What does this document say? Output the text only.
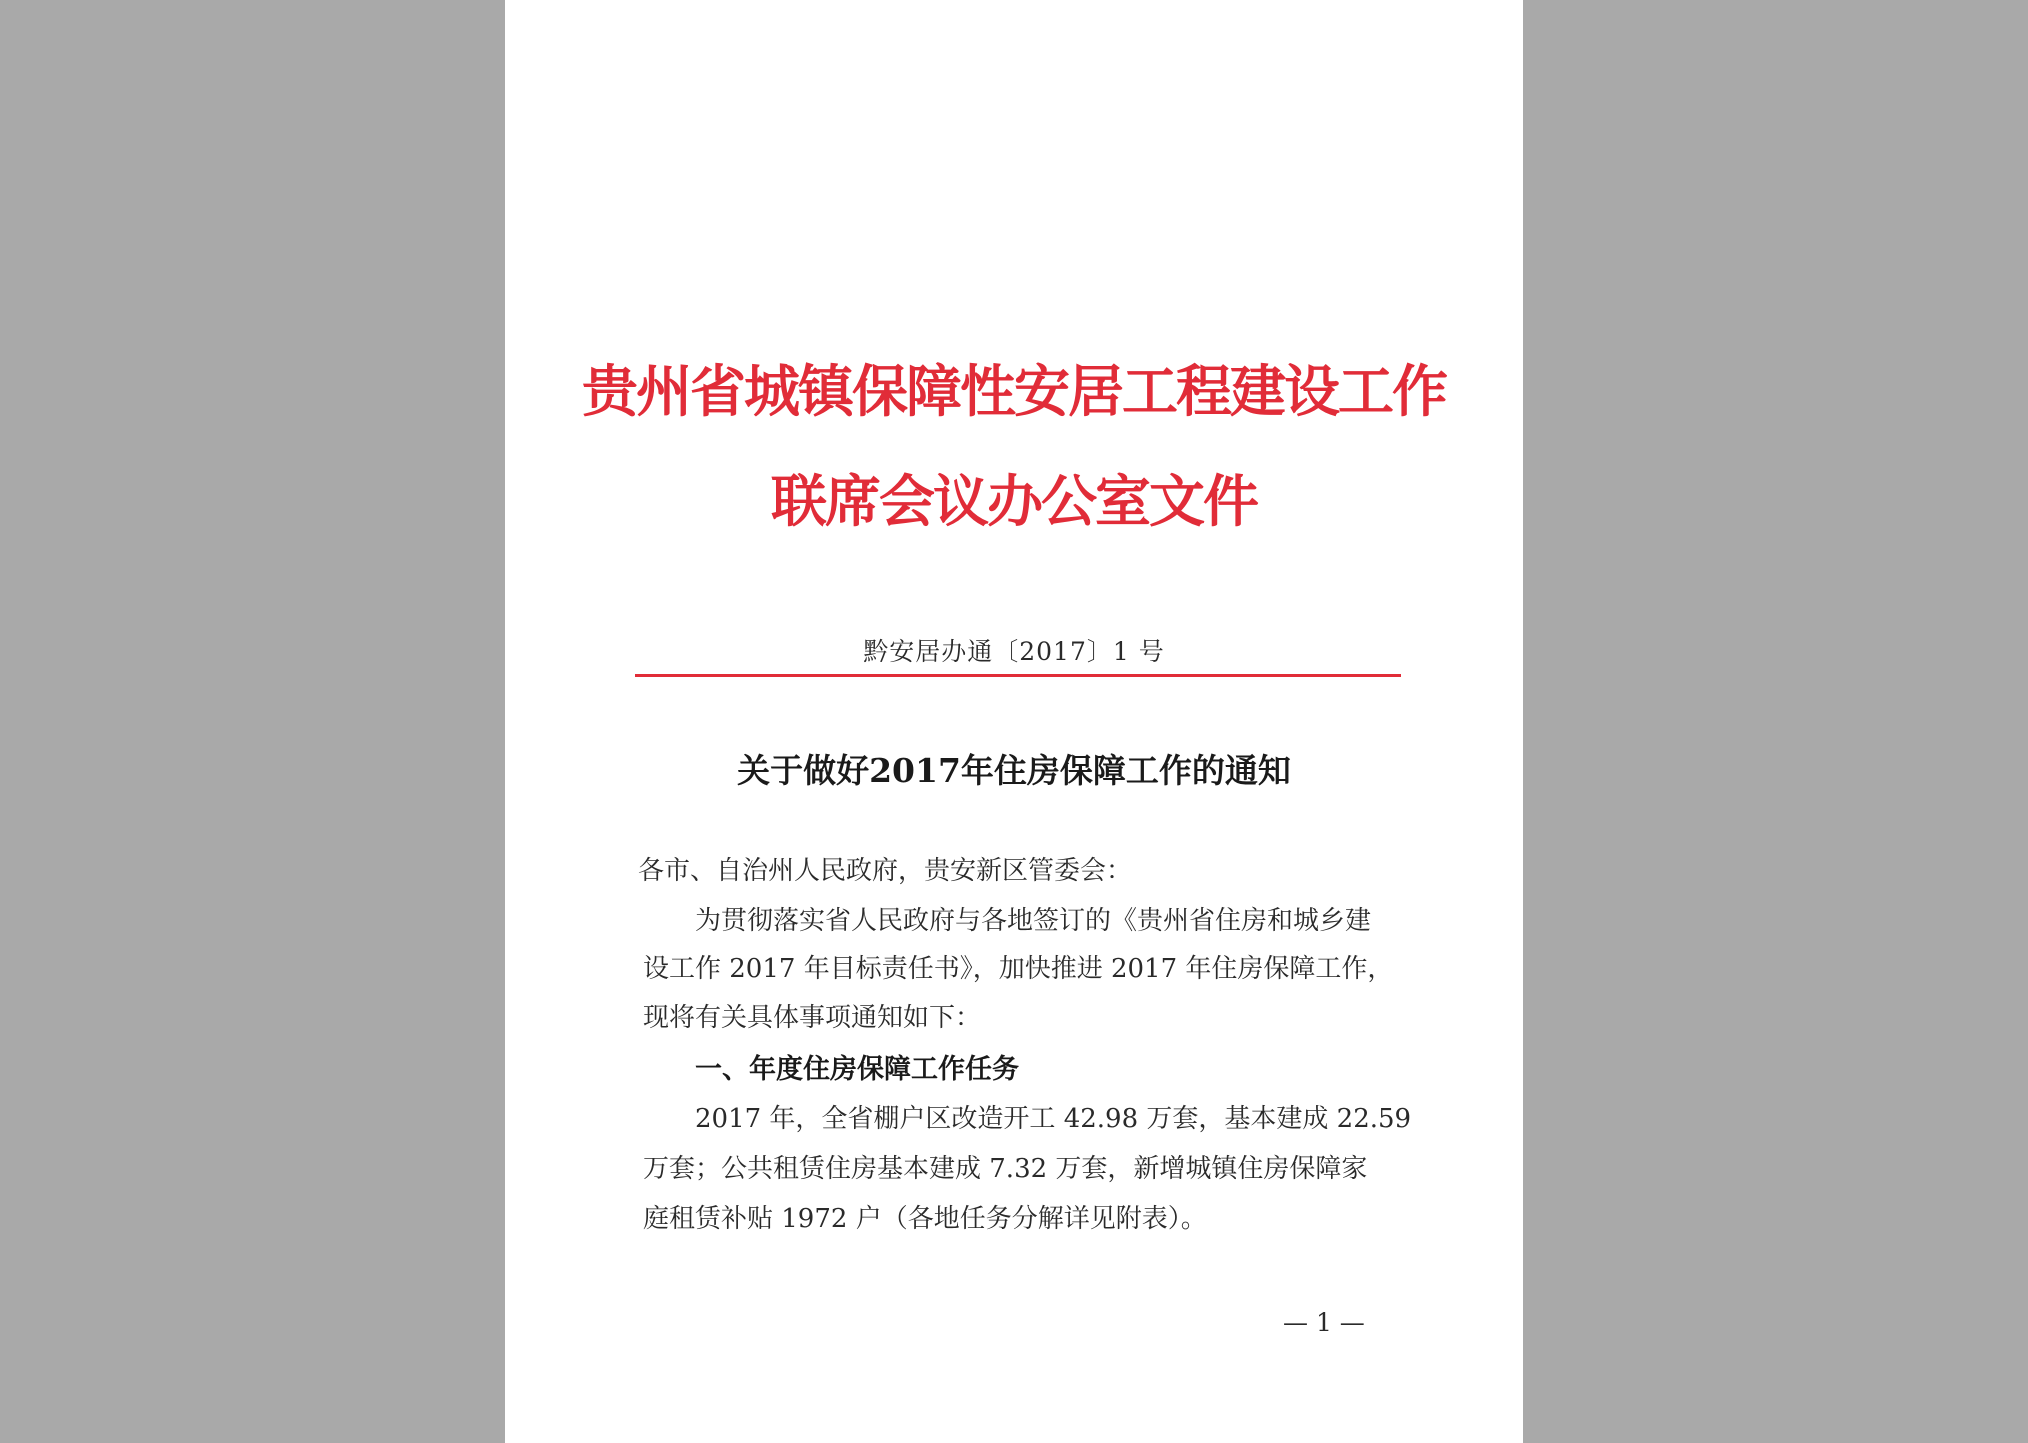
贵州省城镇保障性安居工程建设工作
联席会议办公室文件
黔安居办通〔2017〕1 号
关于做好2017年住房保障工作的通知
各市、自治州人民政府，贵安新区管委会：
为贯彻落实省人民政府与各地签订的《贵州省住房和城乡建
设工作 2017 年目标责任书》，加快推进 2017 年住房保障工作，
现将有关具体事项通知如下：
一、年度住房保障工作任务
2017 年，全省棚户区改造开工 42.98 万套，基本建成 22.59
万套；公共租赁住房基本建成 7.32 万套，新增城镇住房保障家
庭租赁补贴 1972 户（各地任务分解详见附表）。
— 1 —
